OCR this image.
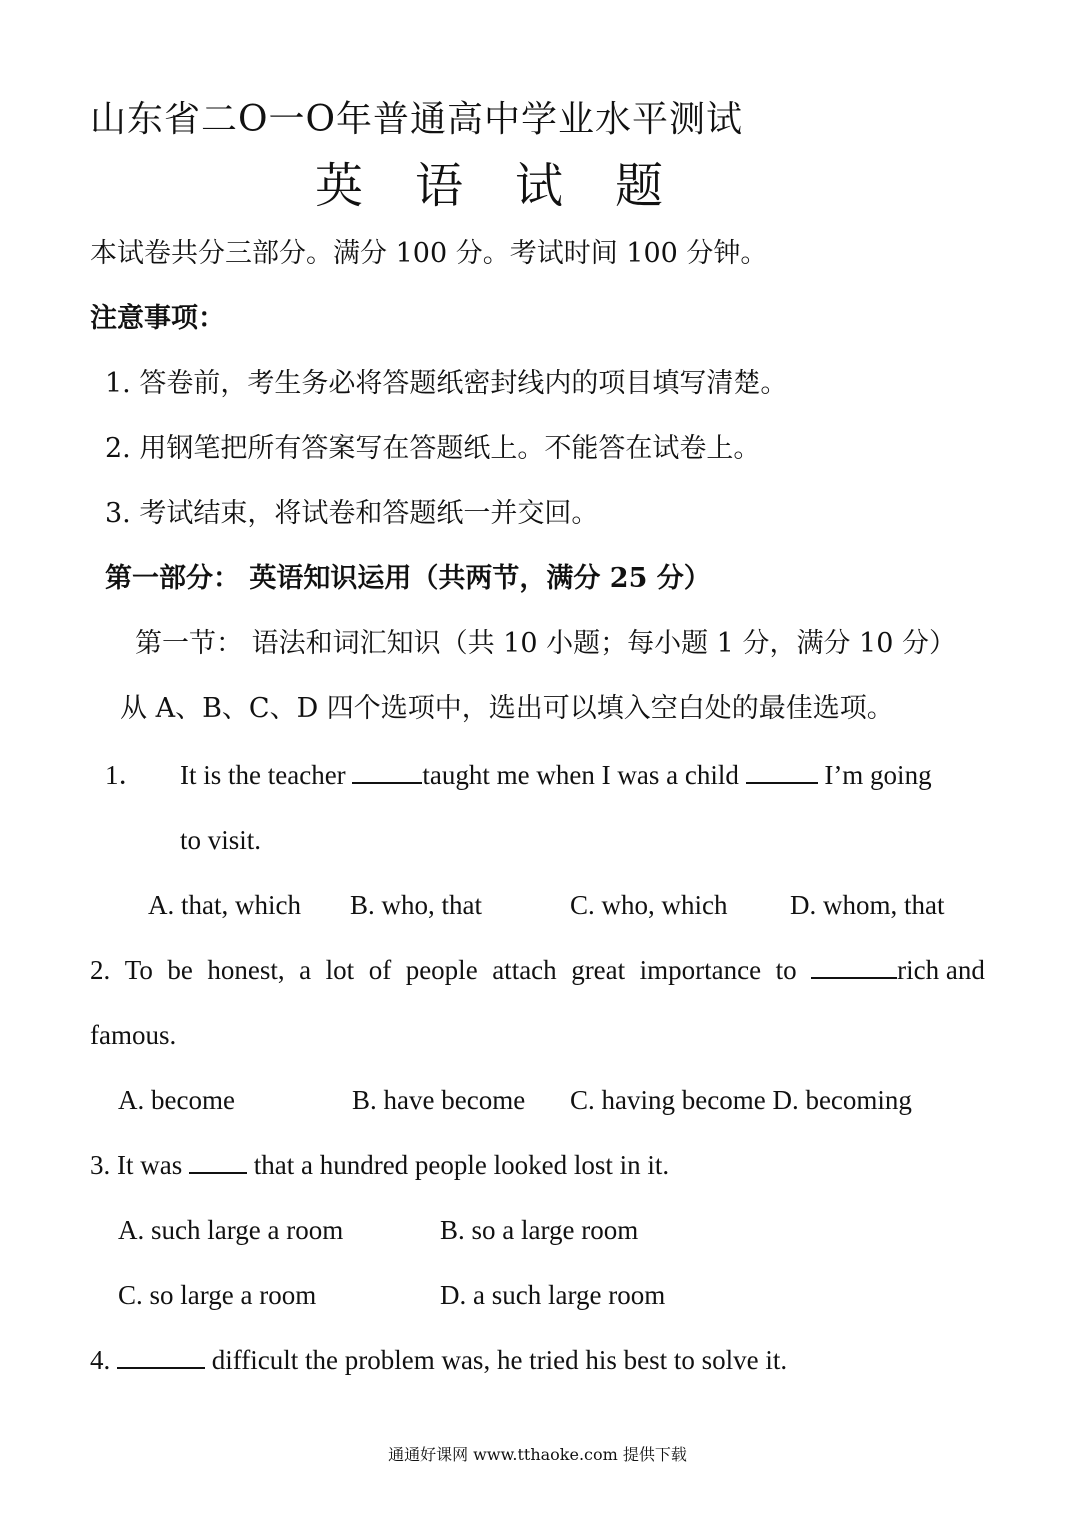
山东省二O一O年普通高中学业水平测试
英语试题
本试卷共分三部分。满分 100 分。考试时间 100 分钟。
注意事项：
1. 答卷前，考生务必将答题纸密封线内的项目填写清楚。
2. 用钢笔把所有答案写在答题纸上。不能答在试卷上。
3. 考试结束，将试卷和答题纸一并交回。
第一部分： 英语知识运用（共两节，满分 25 分）
第一节： 语法和词汇知识（共 10 小题；每小题 1 分，满分 10 分）
从 A、B、C、D 四个选项中，选出可以填入空白处的最佳选项。
1． It is the teacher	taught me when I was a child	I’m going
to visit.
A. that, which B. who, that	C. who, which D. whom, that
2. To be honest, a lot of people attach great importance to	rich and
famous.
A. become	B. have become C. having become D. becoming
3. It was  that a hundred people looked lost in it.
A. such large a room	B. so a large room
C. so large a room	D. a such large room
4.	difficult the problem was, he tried his best to solve it.
通通好课网 www.tthaoke.com 提供下载
